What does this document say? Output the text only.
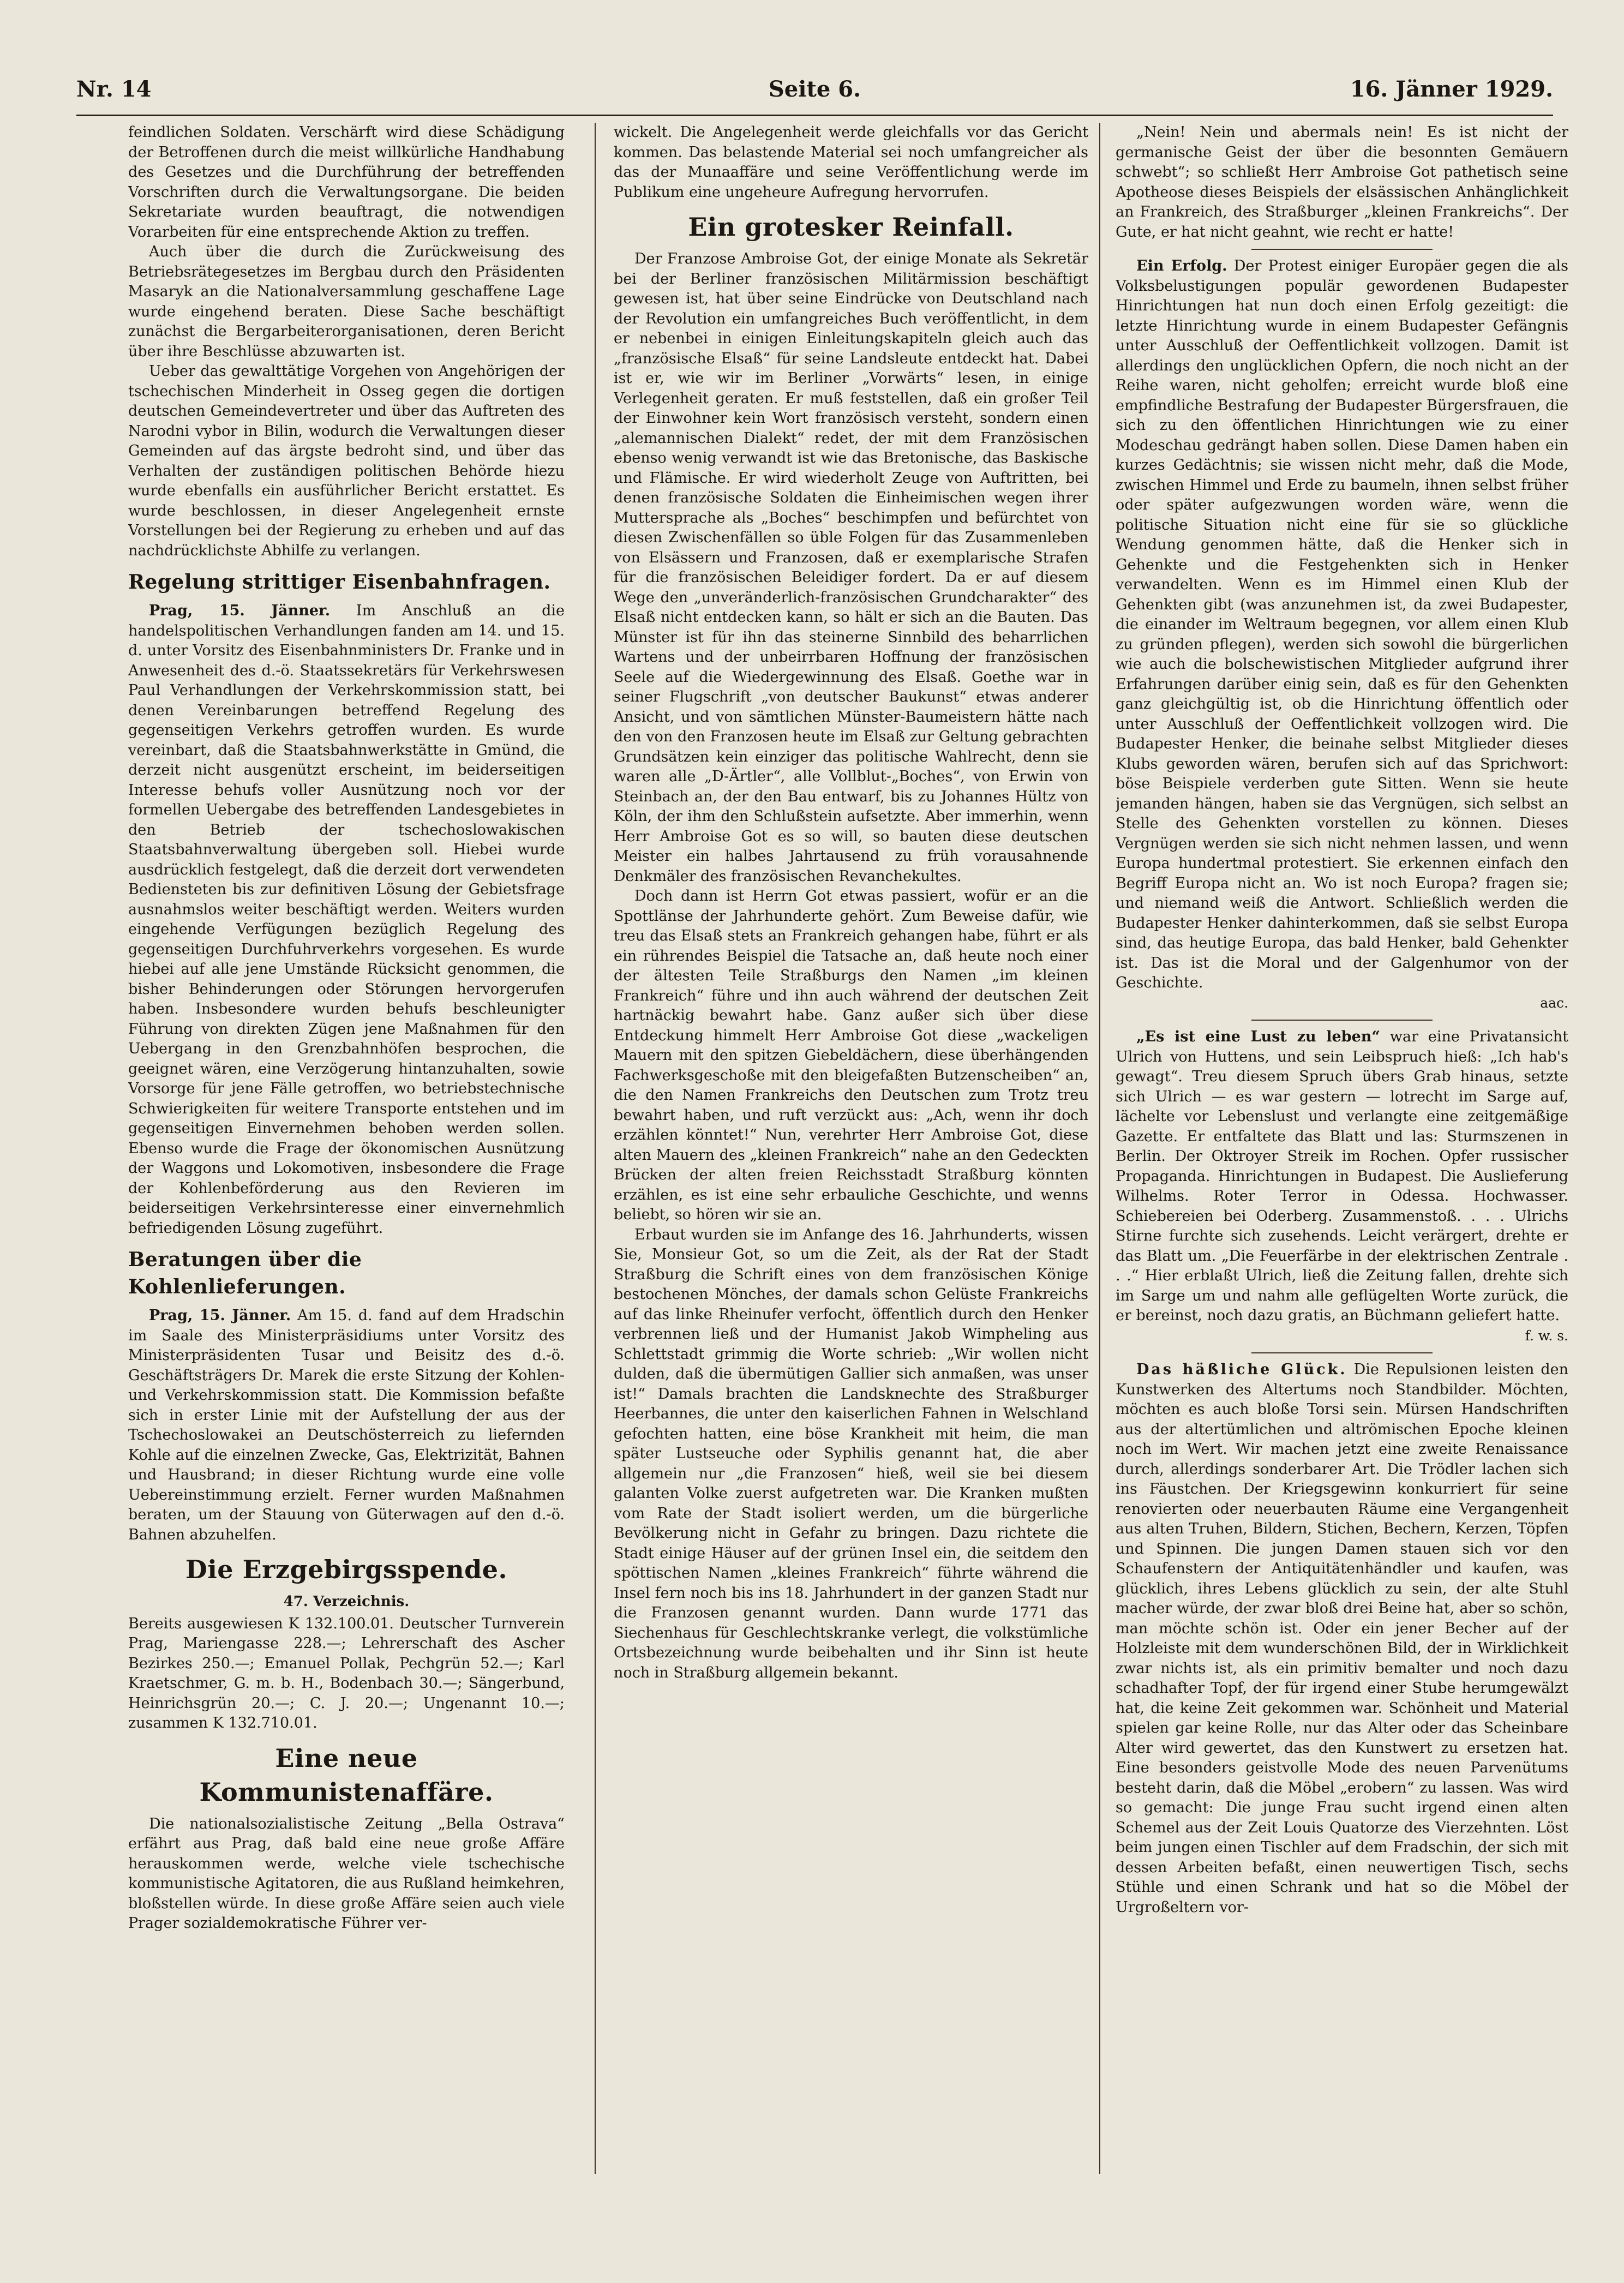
Nr. 14	Seite 6.	16. Jänner 1929.

feindlichen Soldaten. Verschärft wird diese Schädigung der Betroffenen durch die meist willkürliche Handhabung des Gesetzes und die Durchführung der betreffenden Vorschriften durch die Verwaltungsorgane. Die beiden Sekretariate wurden beauftragt, die notwendigen Vorarbeiten für eine entsprechende Aktion zu treffen.

Auch über die durch die Zurückweisung des Betriebsrätegesetzes im Bergbau durch den Präsidenten Masaryk an die Nationalversammlung geschaffene Lage wurde eingehend beraten. Diese Sache beschäftigt zunächst die Bergarbeiterorganisationen, deren Bericht über ihre Beschlüsse abzuwarten ist.

Ueber das gewalttätige Vorgehen von Angehörigen der tschechischen Minderheit in Osseg gegen die dortigen deutschen Gemeindevertreter und über das Auftreten des Narodni vybor in Bilin, wodurch die Verwaltungen dieser Gemeinden auf das ärgste bedroht sind, und über das Verhalten der zuständigen politischen Behörde hiezu wurde ebenfalls ein ausführlicher Bericht erstattet. Es wurde beschlossen, in dieser Angelegenheit ernste Vorstellungen bei der Regierung zu erheben und auf das nachdrücklichste Abhilfe zu verlangen.

Regelung strittiger Eisenbahnfragen.

Prag, 15. Jänner. Im Anschluß an die handelspolitischen Verhandlungen fanden am 14. und 15. d. unter Vorsitz des Eisenbahnministers Dr. Franke und in Anwesenheit des d.-ö. Staatssekretärs für Verkehrswesen Paul Verhandlungen der Verkehrskommission statt, bei denen Vereinbarungen betreffend Regelung des gegenseitigen Verkehrs getroffen wurden. Es wurde vereinbart, daß die Staatsbahnwerkstätte in Gmünd, die derzeit nicht ausgenützt erscheint, im beiderseitigen Interesse behufs voller Ausnützung noch vor der formellen Uebergabe des betreffenden Landesgebietes in den Betrieb der tschechoslowakischen Staatsbahnverwaltung übergeben soll. Hiebei wurde ausdrücklich festgelegt, daß die derzeit dort verwendeten Bediensteten bis zur definitiven Lösung der Gebietsfrage ausnahmslos weiter beschäftigt werden. Weiters wurden eingehende Verfügungen bezüglich Regelung des gegenseitigen Durchfuhrverkehrs vorgesehen. Es wurde hiebei auf alle jene Umstände Rücksicht genommen, die bisher Behinderungen oder Störungen hervorgerufen haben. Insbesondere wurden behufs beschleunigter Führung von direkten Zügen jene Maßnahmen für den Uebergang in den Grenzbahnhöfen besprochen, die geeignet wären, eine Verzögerung hintanzuhalten, sowie Vorsorge für jene Fälle getroffen, wo betriebstechnische Schwierigkeiten für weitere Transporte entstehen und im gegenseitigen Einvernehmen behoben werden sollen. Ebenso wurde die Frage der ökonomischen Ausnützung der Waggons und Lokomotiven, insbesondere die Frage der Kohlenbeförderung aus den Revieren im beiderseitigen Verkehrsinteresse einer einvernehmlich befriedigenden Lösung zugeführt.

Beratungen über die Kohlenlieferungen.

Prag, 15. Jänner. Am 15. d. fand auf dem Hradschin im Saale des Ministerpräsidiums unter Vorsitz des Ministerpräsidenten Tusar und Beisitz des d.-ö. Geschäftsträgers Dr. Marek die erste Sitzung der Kohlen- und Verkehrskommission statt. Die Kommission befaßte sich in erster Linie mit der Aufstellung der aus der Tschechoslowakei an Deutschösterreich zu liefernden Kohle auf die einzelnen Zwecke, Gas, Elektrizität, Bahnen und Hausbrand; in dieser Richtung wurde eine volle Uebereinstimmung erzielt. Ferner wurden Maßnahmen beraten, um der Stauung von Güterwagen auf den d.-ö. Bahnen abzuhelfen.

Die Erzgebirgsspende.
47. Verzeichnis.

Bereits ausgewiesen K 132.100.01. Deutscher Turnverein Prag, Mariengasse 228.—; Lehrerschaft des Ascher Bezirkes 250.—; Emanuel Pollak, Pechgrün 52.—; Karl Kraetschmer, G. m. b. H., Bodenbach 30.—; Sängerbund, Heinrichsgrün 20.—; C. J. 20.—; Ungenannt 10.—; zusammen K 132.710.01.

Eine neue Kommunistenaffäre.

Die nationalsozialistische Zeitung „Bella Ostrava“ erfährt aus Prag, daß bald eine neue große Affäre herauskommen werde, welche viele tschechische kommunistische Agitatoren, die aus Rußland heimkehren, bloßstellen würde. In diese große Affäre seien auch viele Prager sozialdemokratische Führer ver-

wickelt. Die Angelegenheit werde gleichfalls vor das Gericht kommen. Das belastende Material sei noch umfangreicher als das der Munaaffäre und seine Veröffentlichung werde im Publikum eine ungeheure Aufregung hervorrufen.

Ein grotesker Reinfall.

Der Franzose Ambroise Got, der einige Monate als Sekretär bei der Berliner französischen Militärmission beschäftigt gewesen ist, hat über seine Eindrücke von Deutschland nach der Revolution ein umfangreiches Buch veröffentlicht, in dem er nebenbei in einigen Einleitungskapiteln gleich auch das „französische Elsaß“ für seine Landsleute entdeckt hat. Dabei ist er, wie wir im Berliner „Vorwärts“ lesen, in einige Verlegenheit geraten. Er muß feststellen, daß ein großer Teil der Einwohner kein Wort französisch versteht, sondern einen „alemannischen Dialekt“ redet, der mit dem Französischen ebenso wenig verwandt ist wie das Bretonische, das Baskische und Flämische. Er wird wiederholt Zeuge von Auftritten, bei denen französische Soldaten die Einheimischen wegen ihrer Muttersprache als „Boches“ beschimpfen und befürchtet von diesen Zwischenfällen so üble Folgen für das Zusammenleben von Elsässern und Franzosen, daß er exemplarische Strafen für die französischen Beleidiger fordert. Da er auf diesem Wege den „unveränderlich-französischen Grundcharakter“ des Elsaß nicht entdecken kann, so hält er sich an die Bauten. Das Münster ist für ihn das steinerne Sinnbild des beharrlichen Wartens und der unbeirrbaren Hoffnung der französischen Seele auf die Wiedergewinnung des Elsaß. Goethe war in seiner Flugschrift „von deutscher Baukunst“ etwas anderer Ansicht, und von sämtlichen Münster-Baumeistern hätte nach den von den Franzosen heute im Elsaß zur Geltung gebrachten Grundsätzen kein einziger das politische Wahlrecht, denn sie waren alle „D-Ärtler“, alle Vollblut-„Boches“, von Erwin von Steinbach an, der den Bau entwarf, bis zu Johannes Hültz von Köln, der ihm den Schlußstein aufsetzte. Aber immerhin, wenn Herr Ambroise Got es so will, so bauten diese deutschen Meister ein halbes Jahrtausend zu früh vorausahnende Denkmäler des französischen Revanchekultes.

Doch dann ist Herrn Got etwas passiert, wofür er an die Spottlänse der Jahrhunderte gehört. Zum Beweise dafür, wie treu das Elsaß stets an Frankreich gehangen habe, führt er als ein rührendes Beispiel die Tatsache an, daß heute noch einer der ältesten Teile Straßburgs den Namen „im kleinen Frankreich“ führe und ihn auch während der deutschen Zeit hartnäckig bewahrt habe. Ganz außer sich über diese Entdeckung himmelt Herr Ambroise Got diese „wackeligen Mauern mit den spitzen Giebeldächern, diese überhängenden Fachwerksgeschoße mit den bleigefaßten Butzenscheiben“ an, die den Namen Frankreichs den Deutschen zum Trotz treu bewahrt haben, und ruft verzückt aus: „Ach, wenn ihr doch erzählen könntet!“ Nun, verehrter Herr Ambroise Got, diese alten Mauern des „kleinen Frankreich“ nahe an den Gedeckten Brücken der alten freien Reichsstadt Straßburg könnten erzählen, es ist eine sehr erbauliche Geschichte, und wenns beliebt, so hören wir sie an.

Erbaut wurden sie im Anfange des 16. Jahrhunderts, wissen Sie, Monsieur Got, so um die Zeit, als der Rat der Stadt Straßburg die Schrift eines von dem französischen Könige bestochenen Mönches, der damals schon Gelüste Frankreichs auf das linke Rheinufer verfocht, öffentlich durch den Henker verbrennen ließ und der Humanist Jakob Wimpheling aus Schlettstadt grimmig die Worte schrieb: „Wir wollen nicht dulden, daß die übermütigen Gallier sich anmaßen, was unser ist!“ Damals brachten die Landsknechte des Straßburger Heerbannes, die unter den kaiserlichen Fahnen in Welschland gefochten hatten, eine böse Krankheit mit heim, die man später Lustseuche oder Syphilis genannt hat, die aber allgemein nur „die Franzosen“ hieß, weil sie bei diesem galanten Volke zuerst aufgetreten war. Die Kranken mußten vom Rate der Stadt isoliert werden, um die bürgerliche Bevölkerung nicht in Gefahr zu bringen. Dazu richtete die Stadt einige Häuser auf der grünen Insel ein, die seitdem den spöttischen Namen „kleines Frankreich“ führte während die Insel fern noch bis ins 18. Jahrhundert in der ganzen Stadt nur die Franzosen genannt wurden. Dann wurde 1771 das Siechenhaus für Geschlechtskranke verlegt, die volkstümliche Ortsbezeichnung wurde beibehalten und ihr Sinn ist heute noch in Straßburg allgemein bekannt.

„Nein! Nein und abermals nein! Es ist nicht der germanische Geist der über die besonnten Gemäuern schwebt“; so schließt Herr Ambroise Got pathetisch seine Apotheose dieses Beispiels der elsässischen Anhänglichkeit an Frankreich, des Straßburger „kleinen Frankreichs“. Der Gute, er hat nicht geahnt, wie recht er hatte!

Ein Erfolg. Der Protest einiger Europäer gegen die als Volksbelustigungen populär gewordenen Budapester Hinrichtungen hat nun doch einen Erfolg gezeitigt: die letzte Hinrichtung wurde in einem Budapester Gefängnis unter Ausschluß der Oeffentlichkeit vollzogen. Damit ist allerdings den unglücklichen Opfern, die noch nicht an der Reihe waren, nicht geholfen; erreicht wurde bloß eine empfindliche Bestrafung der Budapester Bürgersfrauen, die sich zu den öffentlichen Hinrichtungen wie zu einer Modeschau gedrängt haben sollen. Diese Damen haben ein kurzes Gedächtnis; sie wissen nicht mehr, daß die Mode, zwischen Himmel und Erde zu baumeln, ihnen selbst früher oder später aufgezwungen worden wäre, wenn die politische Situation nicht eine für sie so glückliche Wendung genommen hätte, daß die Henker sich in Gehenkte und die Festgehenkten sich in Henker verwandelten. Wenn es im Himmel einen Klub der Gehenkten gibt (was anzunehmen ist, da zwei Budapester, die einander im Weltraum begegnen, vor allem einen Klub zu gründen pflegen), werden sich sowohl die bürgerlichen wie auch die bolschewistischen Mitglieder aufgrund ihrer Erfahrungen darüber einig sein, daß es für den Gehenkten ganz gleichgültig ist, ob die Hinrichtung öffentlich oder unter Ausschluß der Oeffentlichkeit vollzogen wird. Die Budapester Henker, die beinahe selbst Mitglieder dieses Klubs geworden wären, berufen sich auf das Sprichwort: böse Beispiele verderben gute Sitten. Wenn sie heute jemanden hängen, haben sie das Vergnügen, sich selbst an Stelle des Gehenkten vorstellen zu können. Dieses Vergnügen werden sie sich nicht nehmen lassen, und wenn Europa hundertmal protestiert. Sie erkennen einfach den Begriff Europa nicht an. Wo ist noch Europa? fragen sie; und niemand weiß die Antwort. Schließlich werden die Budapester Henker dahinterkommen, daß sie selbst Europa sind, das heutige Europa, das bald Henker, bald Gehenkter ist. Das ist die Moral und der Galgenhumor von der Geschichte.

aac.

„Es ist eine Lust zu leben“ war eine Privatansicht Ulrich von Huttens, und sein Leibspruch hieß: „Ich hab's gewagt“. Treu diesem Spruch übers Grab hinaus, setzte sich Ulrich — es war gestern — lotrecht im Sarge auf, lächelte vor Lebenslust und verlangte eine zeitgemäßige Gazette. Er entfaltete das Blatt und las: Sturmszenen in Berlin. Der Oktroyer Streik im Rochen. Opfer russischer Propaganda. Hinrichtungen in Budapest. Die Auslieferung Wilhelms. Roter Terror in Odessa. Hochwasser. Schiebereien bei Oderberg. Zusammenstoß. . . . Ulrichs Stirne furchte sich zusehends. Leicht verärgert, drehte er das Blatt um. „Die Feuerfärbe in der elektrischen Zentrale . . .“ Hier erblaßt Ulrich, ließ die Zeitung fallen, drehte sich im Sarge um und nahm alle geflügelten Worte zurück, die er bereinst, noch dazu gratis, an Büchmann geliefert hatte.

f. w. s.

Das häßliche Glück. Die Repulsionen leisten den Kunstwerken des Altertums noch Standbilder. Möchten, möchten es auch bloße Torsi sein. Mürsen Handschriften aus der altertümlichen und altrömischen Epoche kleinen noch im Wert. Wir machen jetzt eine zweite Renaissance durch, allerdings sonderbarer Art. Die Trödler lachen sich ins Fäustchen. Der Kriegsgewinn konkurriert für seine renovierten oder neuerbauten Räume eine Vergangenheit aus alten Truhen, Bildern, Stichen, Bechern, Kerzen, Töpfen und Spinnen. Die jungen Damen stauen sich vor den Schaufenstern der Antiquitätenhändler und kaufen, was glücklich, ihres Lebens glücklich zu sein, der alte Stuhl macher würde, der zwar bloß drei Beine hat, aber so schön, man möchte schön ist. Oder ein jener Becher auf der Holzleiste mit dem wunderschönen Bild, der in Wirklichkeit zwar nichts ist, als ein primitiv bemalter und noch dazu schadhafter Topf, der für irgend einer Stube herumgewälzt hat, die keine Zeit gekommen war. Schönheit und Material spielen gar keine Rolle, nur das Alter oder das Scheinbare Alter wird gewertet, das den Kunstwert zu ersetzen hat. Eine besonders geistvolle Mode des neuen Parvenütums besteht darin, daß die Möbel „erobern“ zu lassen. Was wird so gemacht: Die junge Frau sucht irgend einen alten Schemel aus der Zeit Louis Quatorze des Vierzehnten. Löst beim jungen einen Tischler auf dem Fradschin, der sich mit dessen Arbeiten befaßt, einen neuwertigen Tisch, sechs Stühle und einen Schrank und hat so die Möbel der Urgroßeltern vor-
